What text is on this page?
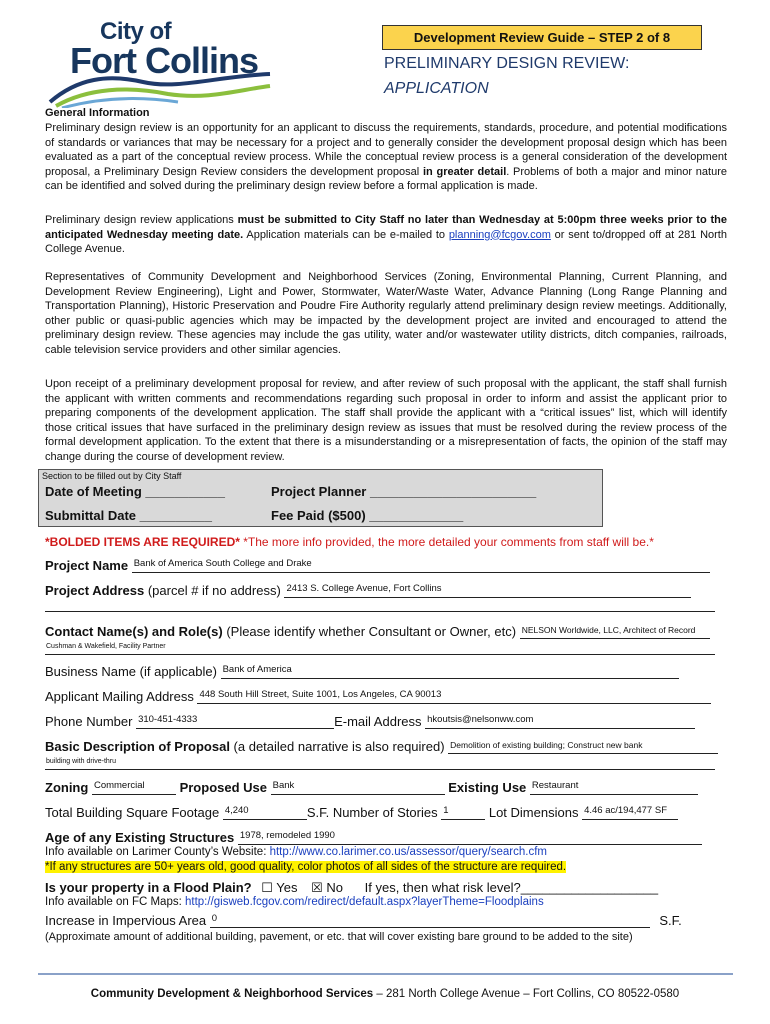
City of
Fort Collins
Development Review Guide – STEP 2 of 8
PRELIMINARY DESIGN REVIEW:
APPLICATION
General Information
Preliminary design review is an opportunity for an applicant to discuss the requirements, standards, procedure, and potential modifications of standards or variances that may be necessary for a project and to generally consider the development proposal design which has been evaluated as a part of the conceptual review process. While the conceptual review process is a general consideration of the development proposal, a Preliminary Design Review considers the development proposal in greater detail. Problems of both a major and minor nature can be identified and solved during the preliminary design review before a formal application is made.
Preliminary design review applications must be submitted to City Staff no later than Wednesday at 5:00pm three weeks prior to the anticipated Wednesday meeting date. Application materials can be e-mailed to planning@fcgov.com or sent to/dropped off at 281 North College Avenue.
Representatives of Community Development and Neighborhood Services (Zoning, Environmental Planning, Current Planning, and Development Review Engineering), Light and Power, Stormwater, Water/Waste Water, Advance Planning (Long Range Planning and Transportation Planning), Historic Preservation and Poudre Fire Authority regularly attend preliminary design review meetings. Additionally, other public or quasi-public agencies which may be impacted by the development project are invited and encouraged to attend the preliminary design review. These agencies may include the gas utility, water and/or wastewater utility districts, ditch companies, railroads, cable television service providers and other similar agencies.
Upon receipt of a preliminary development proposal for review, and after review of such proposal with the applicant, the staff shall furnish the applicant with written comments and recommendations regarding such proposal in order to inform and assist the applicant prior to preparing components of the development application. The staff shall provide the applicant with a “critical issues” list, which will identify those critical issues that have surfaced in the preliminary design review as issues that must be resolved during the review process of the formal development application. To the extent that there is a misunderstanding or a misrepresentation of facts, the opinion of the staff may change during the course of development review.
Section to be filled out by City Staff
Date of Meeting ___________	Project Planner _______________________
Submittal Date __________	Fee Paid ($500) _____________
*BOLDED ITEMS ARE REQUIRED* *The more info provided, the more detailed your comments from staff will be.*
Project Name Bank of America South College and Drake
Project Address (parcel # if no address) 2413 S. College Avenue, Fort Collins
Contact Name(s) and Role(s) (Please identify whether Consultant or Owner, etc) NELSON Worldwide, LLC, Architect of Record
Cushman & Wakefield, Facility Partner
Business Name (if applicable) Bank of America
Applicant Mailing Address 448 South Hill Street, Suite 1001, Los Angeles, CA 90013
Phone Number 310-451-4333	E-mail Address hkoutsis@nelsonww.com
Basic Description of Proposal (a detailed narrative is also required) Demolition of existing building; Construct new bank
building with drive-thru
Zoning Commercial	Proposed Use Bank	Existing Use Restaurant
Total Building Square Footage 4,240	S.F. Number of Stories 1	Lot Dimensions 4.46 ac/194,477 SF
Age of any Existing Structures 1978, remodeled 1990
Info available on Larimer County’s Website: http://www.co.larimer.co.us/assessor/query/search.cfm
*If any structures are 50+ years old, good quality, color photos of all sides of the structure are required.
Is your property in a Flood Plain? ☐ Yes ☒ No If yes, then what risk level?___________________
Info available on FC Maps: http://gisweb.fcgov.com/redirect/default.aspx?layerTheme=Floodplains
Increase in Impervious Area 0	S.F.
(Approximate amount of additional building, pavement, or etc. that will cover existing bare ground to be added to the site)
Community Development & Neighborhood Services – 281 North College Avenue – Fort Collins, CO 80522-0580
